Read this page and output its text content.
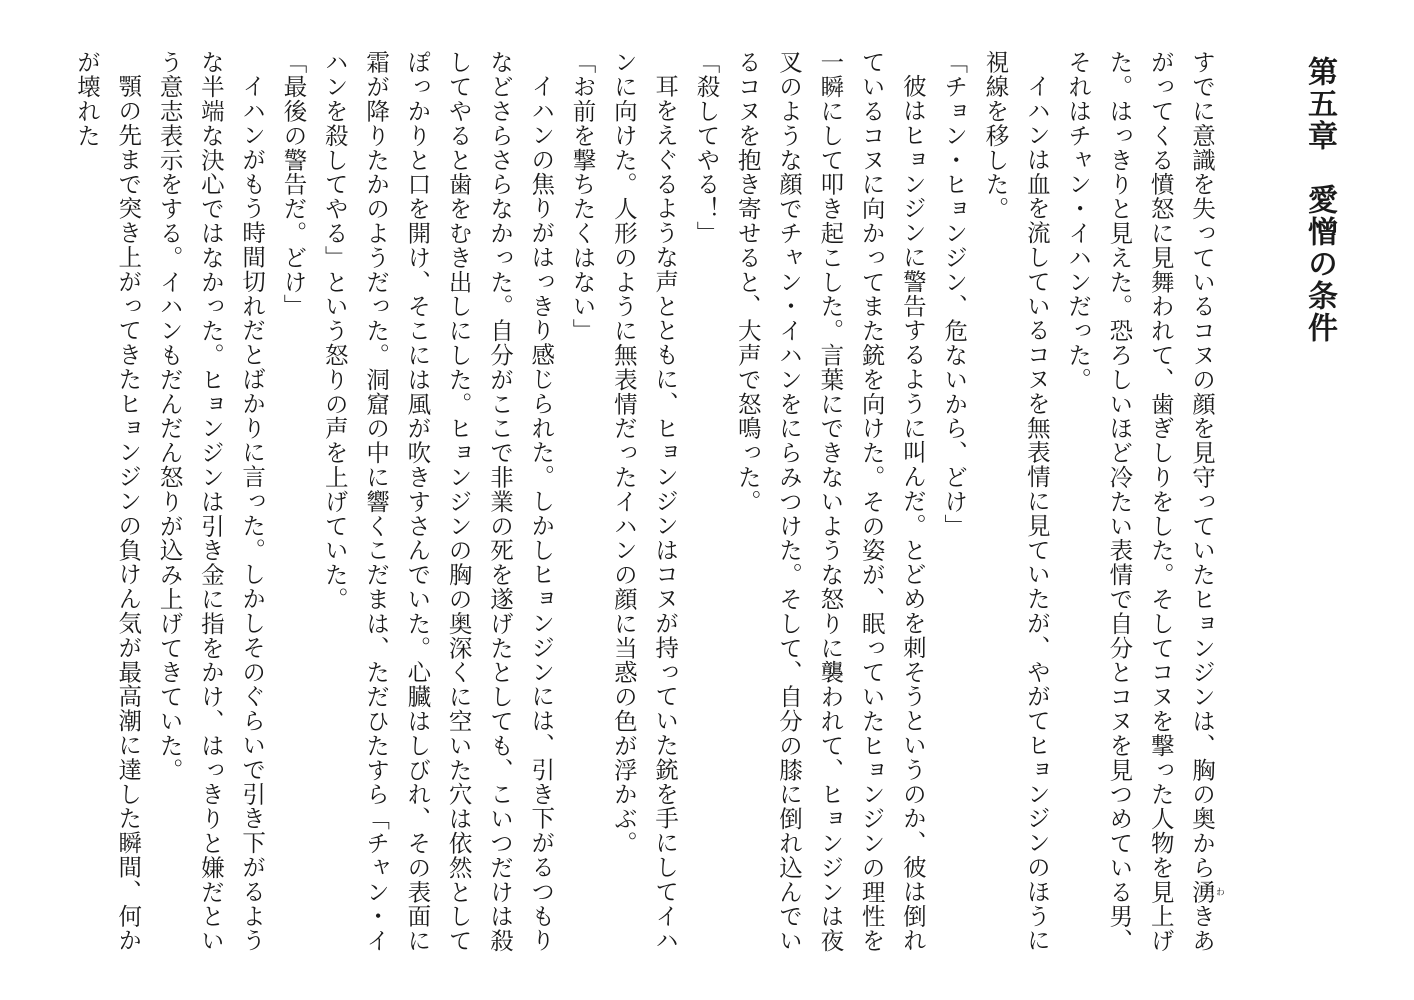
第五章　愛憎の条件

すでに意識を失っているコヌの顔を見守っていたヒョンジンは、胸の奥から湧わきあがってくる憤怒に見舞われて、歯ぎしりをした。そしてコヌを撃った人物を見上げた。はっきりと見えた。恐ろしいほど冷たい表情で自分とコヌを見つめている男、それはチャン・イハンだった。

イハンは血を流しているコヌを無表情に見ていたが、やがてヒョンジンのほうに視線を移した。

「チョン・ヒョンジン、危ないから、どけ」

彼はヒョンジンに警告するように叫んだ。とどめを刺そうというのか、彼は倒れているコヌに向かってまた銃を向けた。その姿が、眠っていたヒョンジンの理性を一瞬にして叩き起こした。言葉にできないような怒りに襲われて、ヒョンジンは夜叉のような顔でチャン・イハンをにらみつけた。そして、自分の膝に倒れ込んでいるコヌを抱き寄せると、大声で怒鳴った。

「殺してやる！」

耳をえぐるような声とともに、ヒョンジンはコヌが持っていた銃を手にしてイハンに向けた。人形のように無表情だったイハンの顔に当惑の色が浮かぶ。

「お前を撃ちたくはない」

イハンの焦りがはっきり感じられた。しかしヒョンジンには、引き下がるつもりなどさらさらなかった。自分がここで非業の死を遂げたとしても、こいつだけは殺してやると歯をむき出しにした。ヒョンジンの胸の奥深くに空いた穴は依然としてぽっかりと口を開け、そこには風が吹きすさんでいた。心臓はしびれ、その表面に霜が降りたかのようだった。洞窟の中に響くこだまは、ただひたすら「チャン・イハンを殺してやる」という怒りの声を上げていた。

「最後の警告だ。どけ」

イハンがもう時間切れだとばかりに言った。しかしそのぐらいで引き下がるような半端な決心ではなかった。ヒョンジンは引き金に指をかけ、はっきりと嫌だという意志表示をする。イハンもだんだん怒りが込み上げてきていた。

顎の先まで突き上がってきたヒョンジンの負けん気が最高潮に達した瞬間、何かが壊れた
